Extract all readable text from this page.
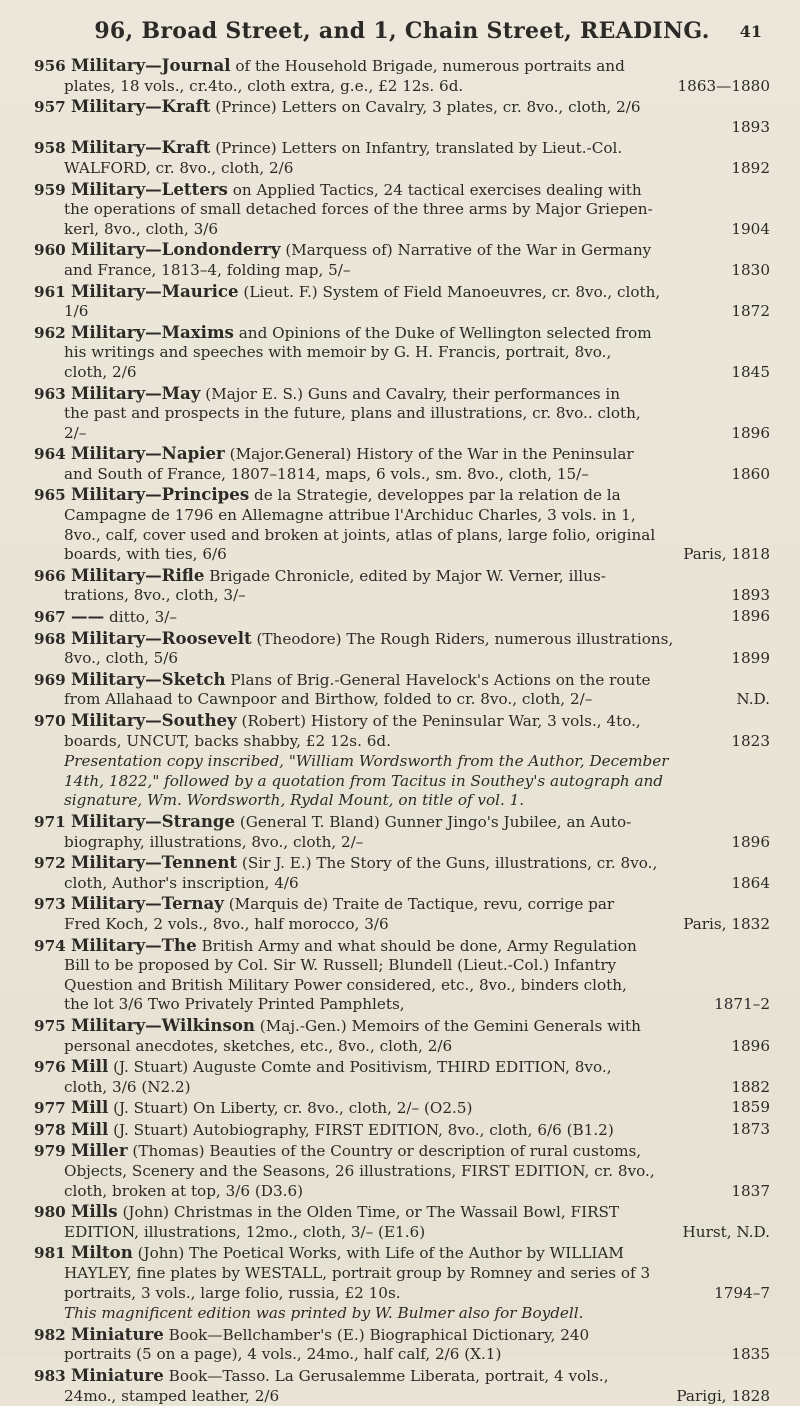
96, Broad Street, and 1, Chain Street, READING. 41
956 Military—Journal of the Household Brigade, numerous portraits and
plates, 18 vols., cr.4to., cloth extra, g.e., £2 12s. 6d.	1863—1880
957 Military—Kraft (Prince) Letters on Cavalry, 3 plates, cr. 8vo., cloth, 2/6
1893
958 Military—Kraft (Prince) Letters on Infantry, translated by Lieut.-Col.
WALFORD, cr. 8vo., cloth, 2/6	1892
959 Military—Letters on Applied Tactics, 24 tactical exercises dealing with
the operations of small detached forces of the three arms by Major Griepen-
kerl, 8vo., cloth, 3/6	1904
960 Military—Londonderry (Marquess of) Narrative of the War in Germany
and France, 1813–4, folding map, 5/–	1830
961 Military—Maurice (Lieut. F.) System of Field Manoeuvres, cr. 8vo., cloth,
1/6	1872
962 Military—Maxims and Opinions of the Duke of Wellington selected from
his writings and speeches with memoir by G. H. Francis, portrait, 8vo.,
cloth, 2/6	1845
963 Military—May (Major E. S.) Guns and Cavalry, their performances in
the past and prospects in the future, plans and illustrations, cr. 8vo.. cloth,
2/–	1896
964 Military—Napier (Major.General) History of the War in the Peninsular
and South of France, 1807–1814, maps, 6 vols., sm. 8vo., cloth, 15/–	1860
965 Military—Principes de la Strategie, developpes par la relation de la
Campagne de 1796 en Allemagne attribue l'Archiduc Charles, 3 vols. in 1,
8vo., calf, cover used and broken at joints, atlas of plans, large folio, original
boards, with ties, 6/6	Paris, 1818
966 Military—Rifle Brigade Chronicle, edited by Major W. Verner, illus-
trations, 8vo., cloth, 3/–	1893
967 —— ditto, 3/–	1896
968 Military—Roosevelt (Theodore) The Rough Riders, numerous illustrations,
8vo., cloth, 5/6	1899
969 Military—Sketch Plans of Brig.-General Havelock's Actions on the route
from Allahaad to Cawnpoor and Birthow, folded to cr. 8vo., cloth, 2/–	N.D.
970 Military—Southey (Robert) History of the Peninsular War, 3 vols., 4to.,
boards, UNCUT, backs shabby, £2 12s. 6d.	1823
Presentation copy inscribed, "William Wordsworth from the Author, December
14th, 1822," followed by a quotation from Tacitus in Southey's autograph and
signature, Wm. Wordsworth, Rydal Mount, on title of vol. 1.
971 Military—Strange (General T. Bland) Gunner Jingo's Jubilee, an Auto-
biography, illustrations, 8vo., cloth, 2/–	1896
972 Military—Tennent (Sir J. E.) The Story of the Guns, illustrations, cr. 8vo.,
cloth, Author's inscription, 4/6	1864
973 Military—Ternay (Marquis de) Traite de Tactique, revu, corrige par
Fred Koch, 2 vols., 8vo., half morocco, 3/6	Paris, 1832
974 Military—The British Army and what should be done, Army Regulation
Bill to be proposed by Col. Sir W. Russell; Blundell (Lieut.-Col.) Infantry
Question and British Military Power considered, etc., 8vo., binders cloth,
the lot 3/6 Two Privately Printed Pamphlets,	1871–2
975 Military—Wilkinson (Maj.-Gen.) Memoirs of the Gemini Generals with
personal anecdotes, sketches, etc., 8vo., cloth, 2/6	1896
976 Mill (J. Stuart) Auguste Comte and Positivism, THIRD EDITION, 8vo.,
cloth, 3/6 (N2.2)	1882
977 Mill (J. Stuart) On Liberty, cr. 8vo., cloth, 2/– (O2.5)	1859
978 Mill (J. Stuart) Autobiography, FIRST EDITION, 8vo., cloth, 6/6 (B1.2)	1873
979 Miller (Thomas) Beauties of the Country or description of rural customs,
Objects, Scenery and the Seasons, 26 illustrations, FIRST EDITION, cr. 8vo.,
cloth, broken at top, 3/6 (D3.6)	1837
980 Mills (John) Christmas in the Olden Time, or The Wassail Bowl, FIRST
EDITION, illustrations, 12mo., cloth, 3/– (E1.6)	Hurst, N.D.
981 Milton (John) The Poetical Works, with Life of the Author by WILLIAM
HAYLEY, fine plates by WESTALL, portrait group by Romney and series of 3
portraits, 3 vols., large folio, russia, £2 10s.	1794–7
This magnificent edition was printed by W. Bulmer also for Boydell.
982 Miniature Book—Bellchamber's (E.) Biographical Dictionary, 240
portraits (5 on a page), 4 vols., 24mo., half calf, 2/6 (X.1)	1835
983 Miniature Book—Tasso. La Gerusalemme Liberata, portrait, 4 vols.,
24mo., stamped leather, 2/6	Parigi, 1828
